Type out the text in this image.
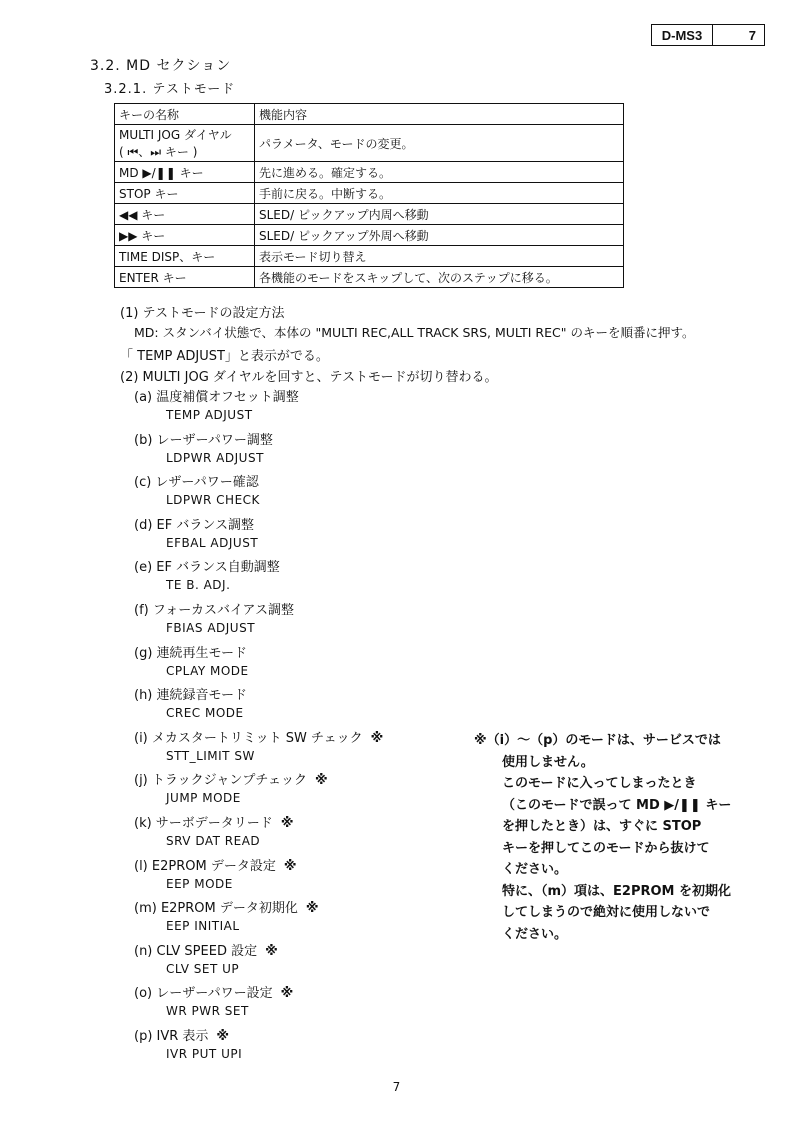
D-MS3	7
3.2. MD セクション
3.2.1. テストモード
キーの名称	機能内容

MULTI JOG ダイヤル
( ⏮、⏭ キー )	パラメータ、モードの変更。
MD ▶/❚❚ キー	先に進める。確定する。
STOP キー	手前に戻る。中断する。
◀◀ キー	SLED/ ピックアップ内周へ移動
▶▶ キー	SLED/ ピックアップ外周へ移動
TIME DISP、キー	表示モード切り替え
ENTER キー	各機能のモードをスキップして、次のステップに移る。
(1) テストモードの設定方法
MD: スタンバイ状態で、本体の "MULTI REC,ALL TRACK SRS, MULTI REC" のキーを順番に押す。
「 TEMP ADJUST」と表示がでる。
(2) MULTI JOG ダイヤルを回すと、テストモードが切り替わる。
(a) 温度補償オフセット調整
TEMP ADJUST
(b) レーザーパワー調整
LDPWR ADJUST
(c) レザーパワー確認
LDPWR CHECK
(d) EF バランス調整
EFBAL ADJUST
(e) EF バランス自動調整
TE B. ADJ.
(f) フォーカスバイアス調整
FBIAS ADJUST
(g) 連続再生モード
CPLAY MODE
(h) 連続録音モード
CREC MODE
(i) メカスタートリミット SW チェック ※
STT_LIMIT SW
(j) トラックジャンプチェック ※
JUMP MODE
(k) サーボデータリード ※
SRV DAT READ
(l) E2PROM データ設定 ※
EEP MODE
(m) E2PROM データ初期化 ※
EEP INITIAL
(n) CLV SPEED 設定 ※
CLV SET UP
(o) レーザーパワー設定 ※
WR PWR SET
(p) IVR 表示 ※
IVR PUT UPI
※（i）～（p）のモードは、サービスでは
使用しません。
このモードに入ってしまったとき
（このモードで誤って MD ▶/❚❚ キー
を押したとき）は、すぐに STOP
キーを押してこのモードから抜けて
ください。
特に、（m）項は、E2PROM を初期化
してしまうので絶対に使用しないで
ください。
7
